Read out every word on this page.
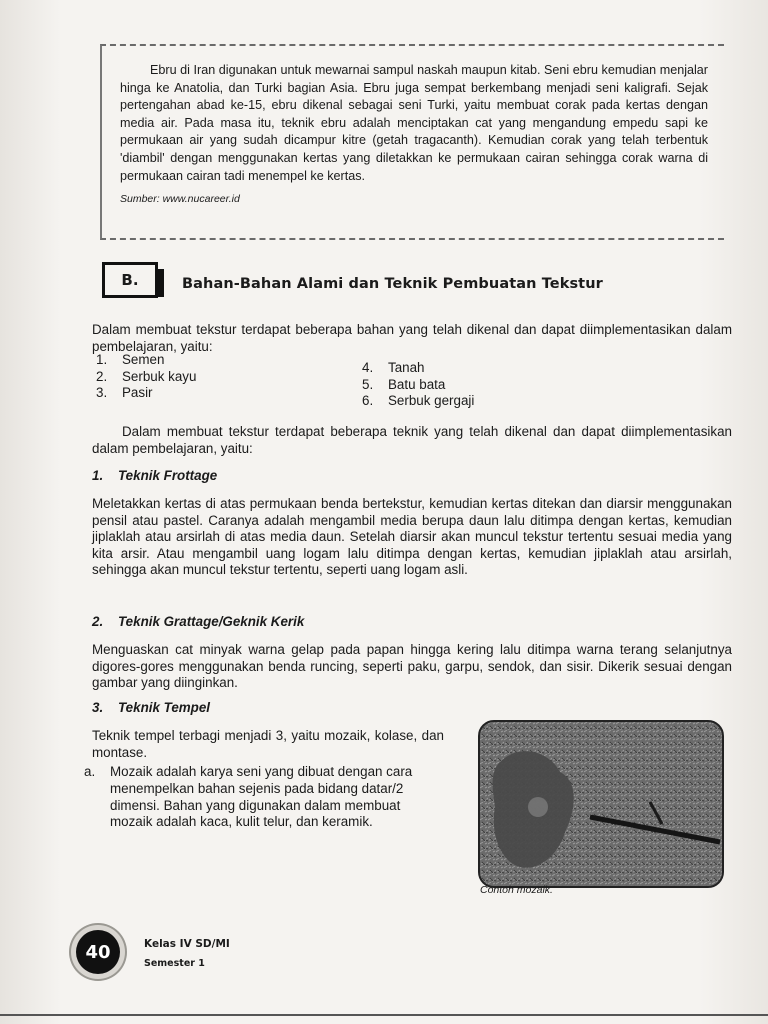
Ebru di Iran digunakan untuk mewarnai sampul naskah maupun kitab. Seni ebru kemudian menjalar hinga ke Anatolia, dan Turki bagian Asia. Ebru juga sempat berkembang menjadi seni kaligrafi. Sejak pertengahan abad ke-15, ebru dikenal sebagai seni Turki, yaitu membuat corak pada kertas dengan media air. Pada masa itu, teknik ebru adalah menciptakan cat yang mengandung empedu sapi ke permukaan air yang sudah dicampur kitre (getah tragacanth). Kemudian corak yang telah terbentuk 'diambil' dengan menggunakan kertas yang diletakkan ke permukaan cairan sehingga corak warna di permukaan cairan tadi menempel ke kertas.

Sumber: www.nucareer.id
B.	Bahan-Bahan Alami dan Teknik Pembuatan Tekstur

Dalam membuat tekstur terdapat beberapa bahan yang telah dikenal dan dapat diimplementasikan dalam pembelajaran, yaitu:

1.	Semen
2.	Serbuk kayu
3.	Pasir
4.	Tanah
5.	Batu bata
6.	Serbuk gergaji

Dalam membuat tekstur terdapat beberapa teknik yang telah dikenal dan dapat diimplementasikan dalam pembelajaran, yaitu:

1. Teknik Frottage

Meletakkan kertas di atas permukaan benda bertekstur, kemudian kertas ditekan dan diarsir menggunakan pensil atau pastel. Caranya adalah mengambil media berupa daun lalu ditimpa dengan kertas, kemudian jiplaklah atau arsirlah di atas media daun. Setelah diarsir akan muncul tekstur tertentu sesuai media yang kita arsir. Atau mengambil uang logam lalu ditimpa dengan kertas, kemudian jiplaklah atau arsirlah, sehingga akan muncul tekstur tertentu, seperti uang logam asli.

2. Teknik Grattage/Geknik Kerik

Menguaskan cat minyak warna gelap pada papan hingga kering lalu ditimpa warna terang selanjutnya digores-gores menggunakan benda runcing, seperti paku, garpu, sendok, dan sisir. Dikerik sesuai dengan gambar yang diinginkan.

3. Teknik Tempel

Teknik tempel terbagi menjadi 3, yaitu mozaik, kolase, dan montase.

a. Mozaik adalah karya seni yang dibuat dengan cara menempelkan bahan sejenis pada bidang datar/2 dimensi. Bahan yang digunakan dalam membuat mozaik adalah kaca, kulit telur, dan keramik.
Contoh mozaik.
40	Kelas IV SD/MI
Semester 1
